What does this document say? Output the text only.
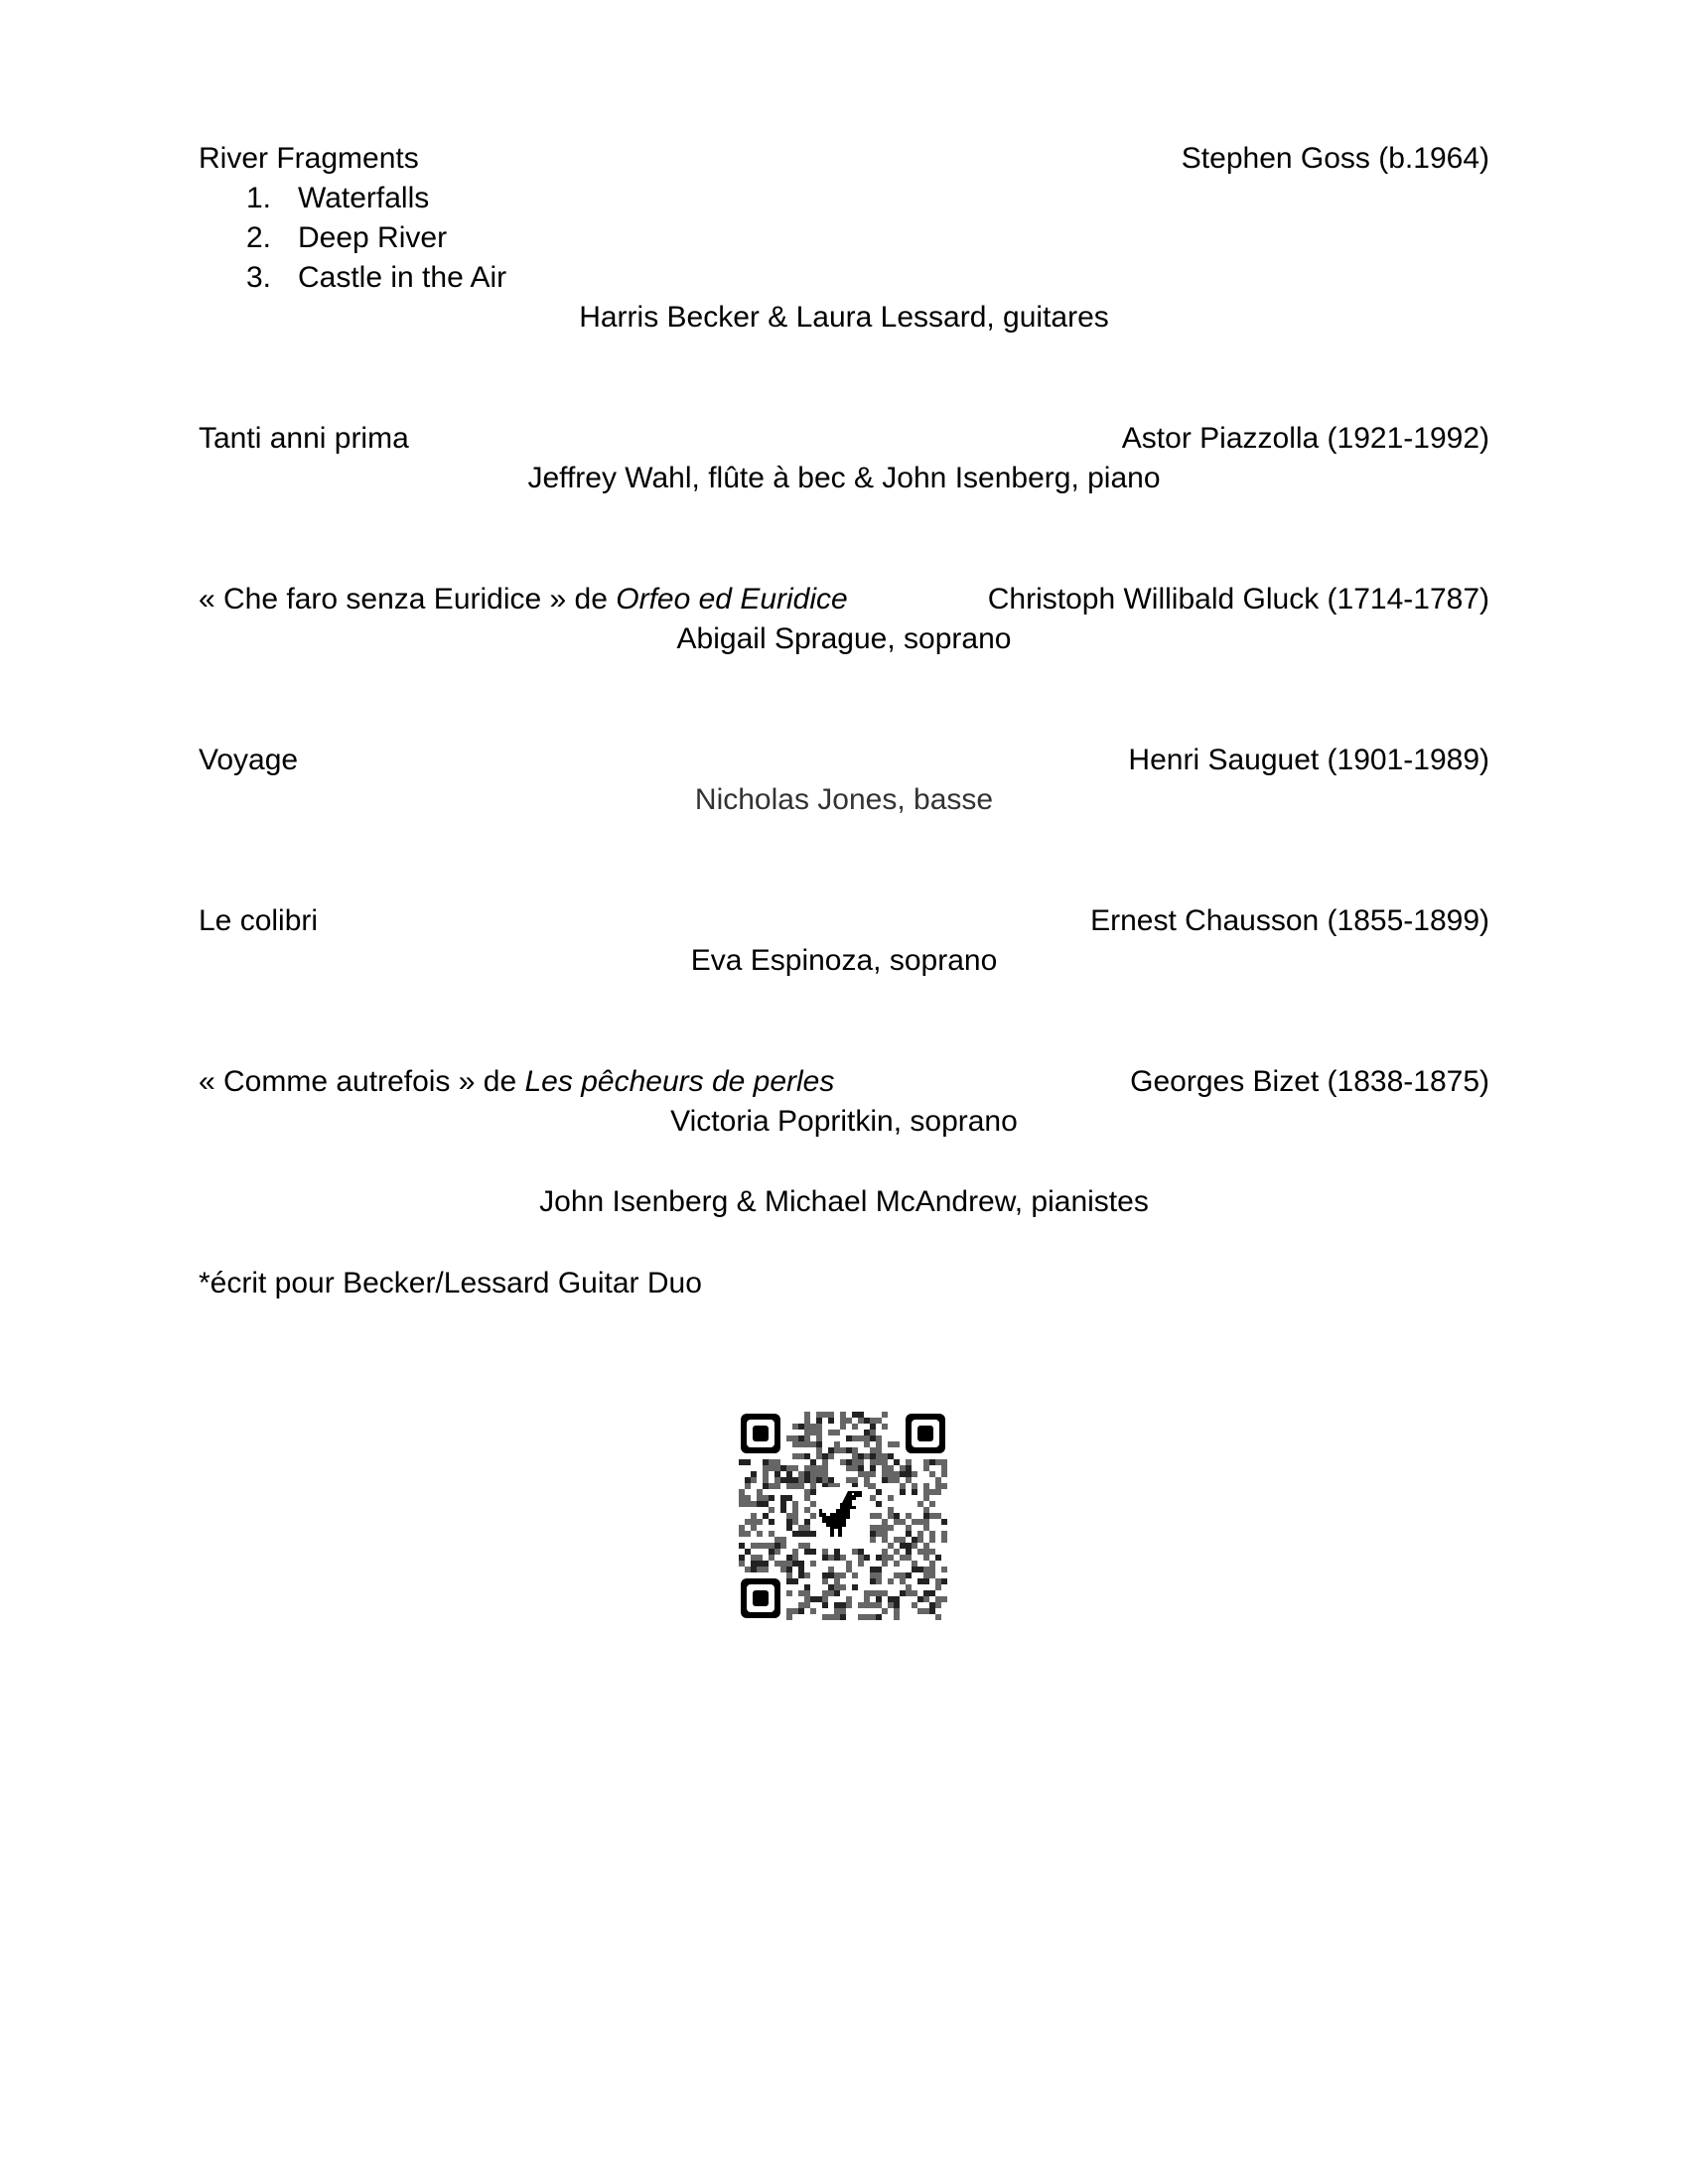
River Fragments	Stephen Goss (b.1964)
1. Waterfalls
2. Deep River
3. Castle in the Air
Harris Becker & Laura Lessard, guitares
Tanti anni prima	Astor Piazzolla (1921-1992)
Jeffrey Wahl, flûte à bec & John Isenberg, piano
« Che faro senza Euridice » de Orfeo ed Euridice	Christoph Willibald Gluck (1714-1787)
Abigail Sprague, soprano
Voyage	Henri Sauguet (1901-1989)
Nicholas Jones, basse
Le colibri	Ernest Chausson (1855-1899)
Eva Espinoza, soprano
« Comme autrefois » de Les pêcheurs de perles	Georges Bizet (1838-1875)
Victoria Popritkin, soprano
John Isenberg & Michael McAndrew, pianistes
*écrit pour Becker/Lessard Guitar Duo
